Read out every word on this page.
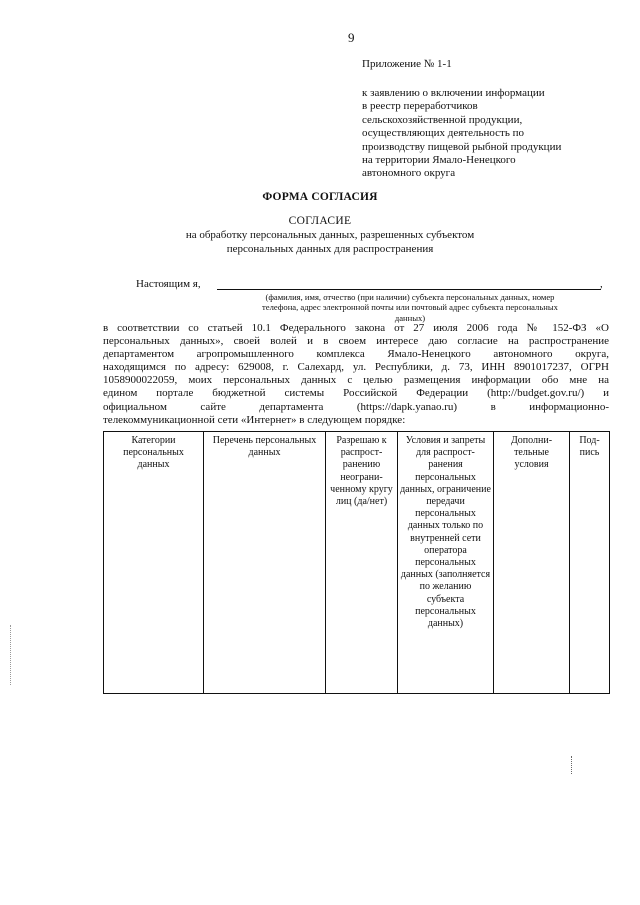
9
Приложение № 1-1
к заявлению о включении информации
в реестр переработчиков
сельскохозяйственной продукции,
осуществляющих деятельность по
производству пищевой рыбной продукции
на территории Ямало-Ненецкого
автономного округа
ФОРМА СОГЛАСИЯ
СОГЛАСИЕ
на обработку персональных данных, разрешенных субъектом
персональных данных для распространения
Настоящим я,	,
(фамилия, имя, отчество (при наличии) субъекта персональных данных, номер
телефона, адрес электронной почты или почтовый адрес субъекта персональных
данных)
в соответствии со статьей 10.1 Федерального закона от 27 июля 2006 года № 152-ФЗ «О
персональных данных», своей волей и в своем интересе даю согласие на распространение
департаментом агропромышленного комплекса Ямало-Ненецкого автономного округа,
находящимся по адресу: 629008, г. Салехард, ул. Республики, д. 73, ИНН 8901017237, ОГРН
1058900022059, моих персональных данных с целью размещения информации обо мне на
едином портале бюджетной системы Российской Федерации (http://budget.gov.ru/) и
официальном сайте департамента (https://dapk.yanao.ru) в информационно-
телекоммуникационной сети «Интернет» в следующем порядке:
Категории персональных данных	Перечень персональных данных	Разрешаю к распрост-ранению неограни-ченному кругу лиц (да/нет)	Условия и запреты для распрост-ранения персональных данных, ограничение передачи персональных данных только по внутренней сети оператора персональных данных (заполняется по желанию субъекта персональных данных)	Дополни-тельные условия	Под-пись
